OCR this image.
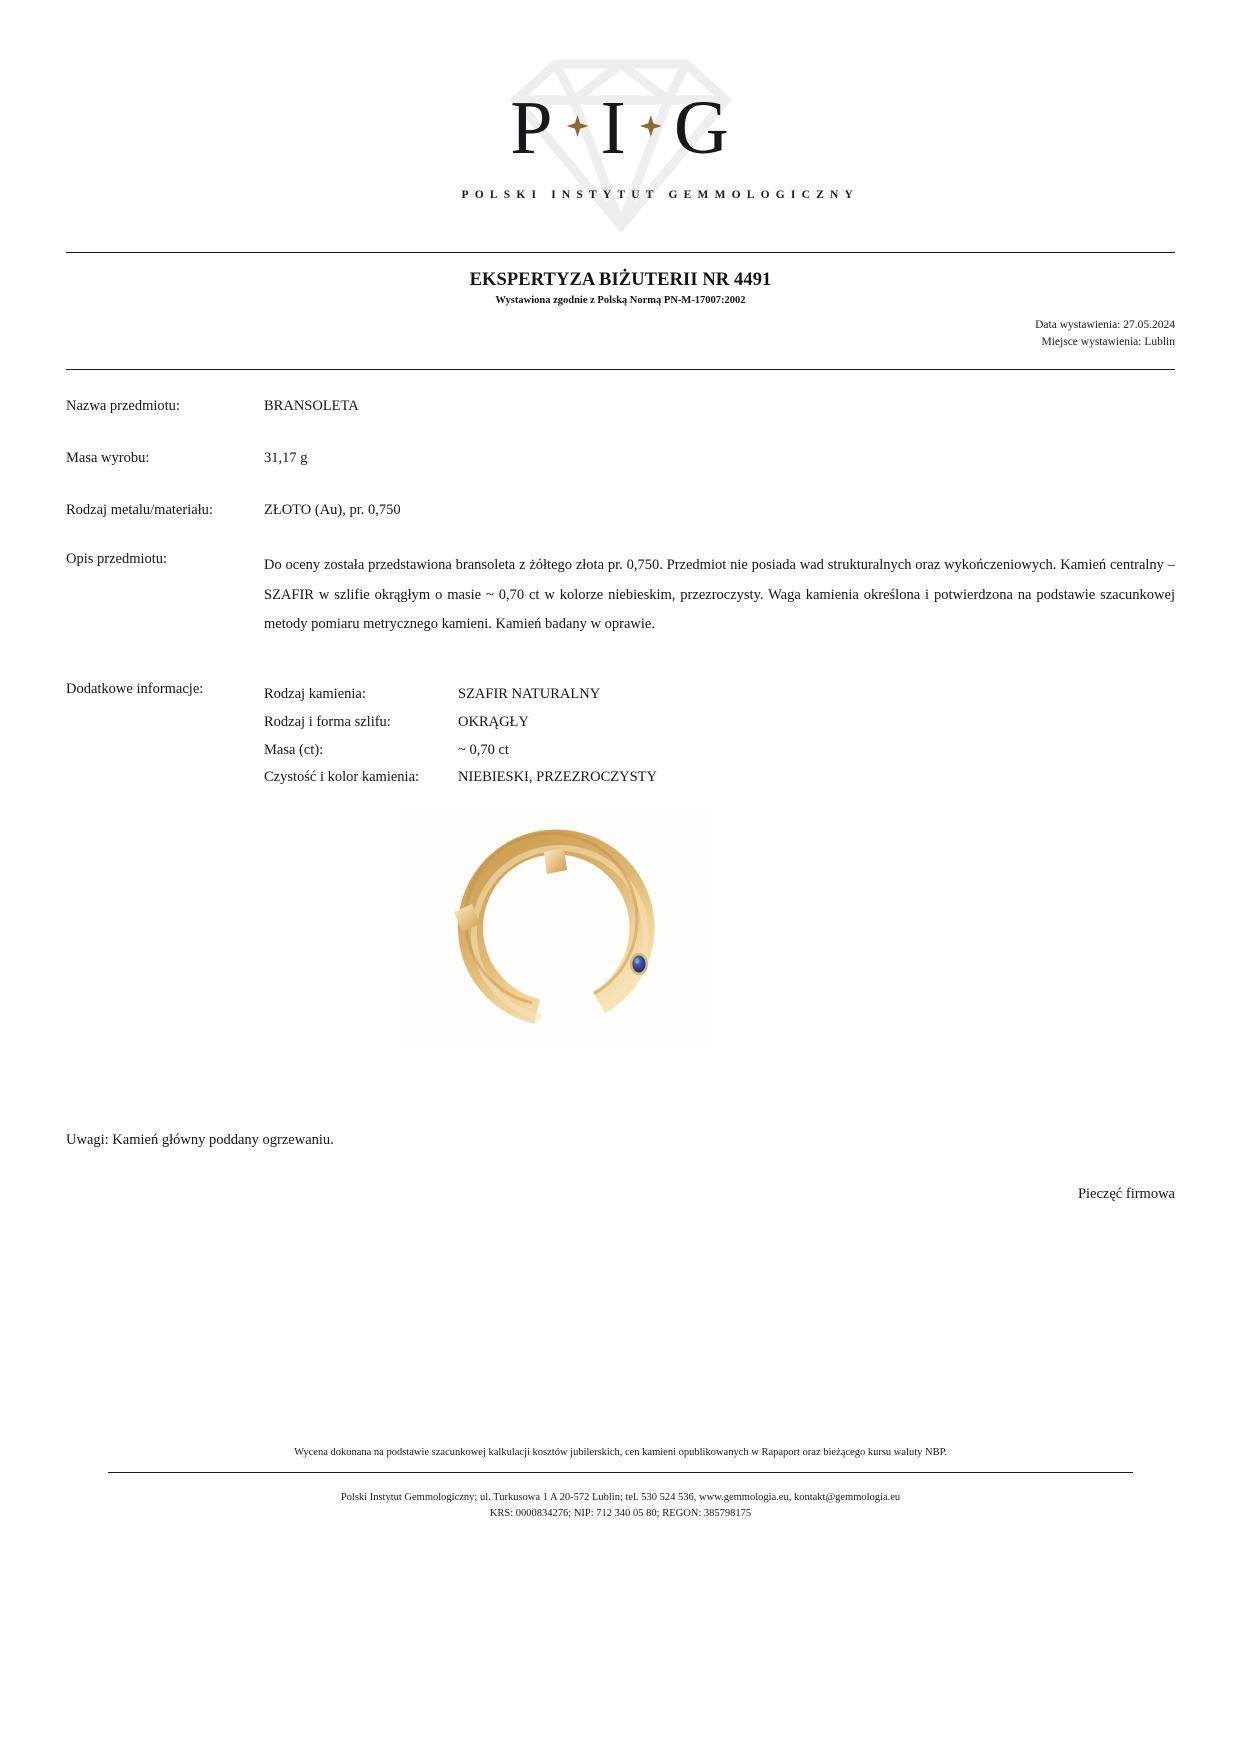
P I G
POLSKI INSTYTUT GEMMOLOGICZNY
EKSPERTYZA BIŻUTERII NR 4491
Wystawiona zgodnie z Polską Normą PN-M-17007:2002
Data wystawienia: 27.05.2024
Miejsce wystawienia: Lublin
Nazwa przedmiotu:	BRANSOLETA
Masa wyrobu:	31,17 g
Rodzaj metalu/materiału:	ZŁOTO (Au), pr. 0,750
Opis przedmiotu:	Do oceny została przedstawiona bransoleta z żółtego złota pr. 0,750. Przedmiot nie posiada wad strukturalnych oraz wykończeniowych. Kamień centralny – SZAFIR w szlifie okrągłym o masie ~ 0,70 ct w kolorze niebieskim, przezroczysty. Waga kamienia określona i potwierdzona na podstawie szacunkowej metody pomiaru metrycznego kamieni. Kamień badany w oprawie.
Dodatkowe informacje:	Rodzaj kamienia:	SZAFIR NATURALNY
Rodzaj i forma szlifu:	OKRĄGŁY
Masa (ct):	~ 0,70 ct
Czystość i kolor kamienia:	NIEBIESKI, PRZEZROCZYSTY
Uwagi: Kamień główny poddany ogrzewaniu.
Pieczęć firmowa
Wycena dokonana na podstawie szacunkowej kalkulacji kosztów jubilerskich, cen kamieni opublikowanych w Rapaport oraz bieżącego kursu waluty NBP.
Polski Instytut Gemmologiczny; ul. Turkusowa 1 A 20-572 Lublin; tel. 530 524 536, www.gemmologia.eu, kontakt@gemmologia.eu
KRS: 0000834276; NIP: 712 340 05 80; REGON: 385798175
